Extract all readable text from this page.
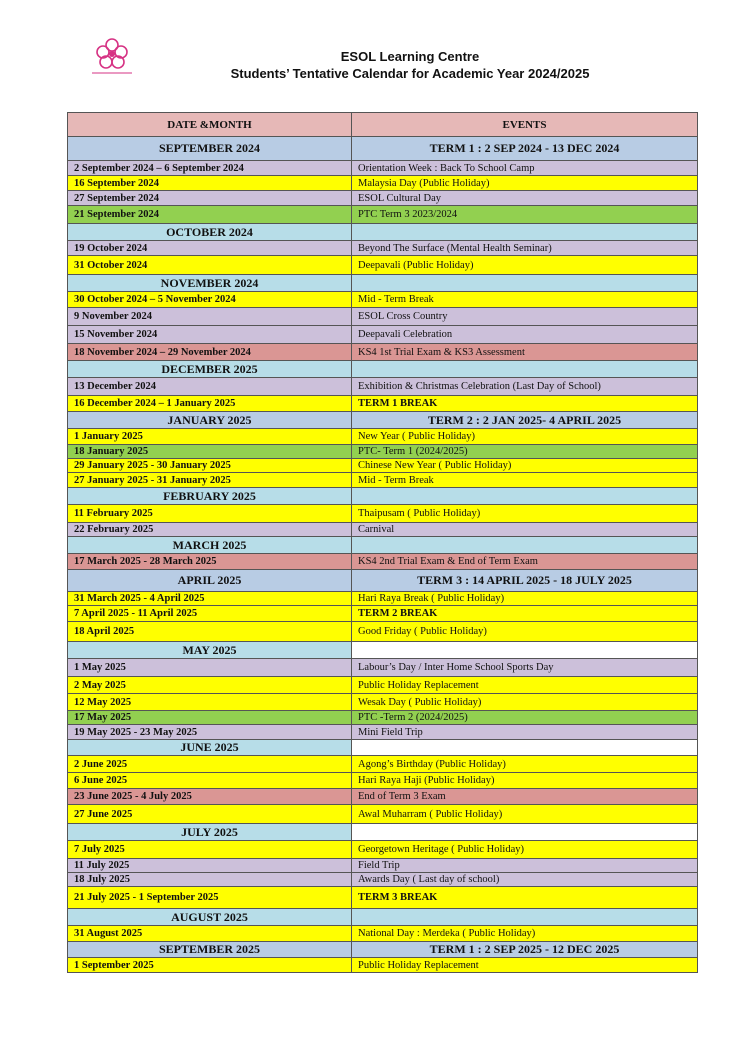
ESOL Learning Centre
Students’ Tentative Calendar for Academic Year 2024/2025
DATE &MONTH	EVENTS
SEPTEMBER 2024	TERM 1 : 2 SEP 2024 - 13 DEC 2024
2 September 2024 – 6 September 2024	Orientation Week : Back To School Camp
16 September 2024	Malaysia Day (Public Holiday)
27 September 2024	ESOL Cultural Day
21 September 2024	PTC Term 3 2023/2024
OCTOBER 2024	
19 October 2024	Beyond The Surface (Mental Health Seminar)
31 October 2024	Deepavali (Public Holiday)
NOVEMBER 2024	
30 October 2024 – 5 November 2024	Mid - Term Break
9 November 2024	ESOL Cross Country
15 November 2024	Deepavali Celebration
18 November 2024 – 29 November 2024	KS4 1st Trial Exam & KS3 Assessment
DECEMBER 2025	
13 December 2024	Exhibition & Christmas Celebration (Last Day of School)
16 December 2024 – 1 January 2025	TERM 1 BREAK
JANUARY 2025	TERM 2 : 2 JAN 2025- 4 APRIL 2025
1 January 2025	New Year ( Public Holiday)
18 January 2025	PTC- Term 1 (2024/2025)
29 January 2025 - 30 January 2025	Chinese New Year ( Public Holiday)
27 January 2025 - 31 January 2025	Mid - Term Break
FEBRUARY 2025	
11 February 2025	Thaipusam ( Public Holiday)
22 February 2025	Carnival
MARCH 2025	
17 March 2025 - 28 March 2025	KS4 2nd Trial Exam & End of Term Exam
APRIL 2025	TERM 3 : 14 APRIL 2025 - 18 JULY 2025
31 March 2025 - 4 April 2025	Hari Raya Break ( Public Holiday)
7 April 2025 - 11 April 2025	TERM 2 BREAK
18 April 2025	Good Friday ( Public Holiday)
MAY 2025	
1 May 2025	Labour’s Day / Inter Home School Sports Day
2 May 2025	Public Holiday Replacement
12 May 2025	Wesak Day ( Public Holiday)
17 May 2025	PTC -Term 2 (2024/2025)
19 May 2025 - 23 May 2025	Mini Field Trip
JUNE 2025	
2 June 2025	Agong’s Birthday (Public Holiday)
6 June 2025	Hari Raya Haji (Public Holiday)
23 June 2025 - 4 July 2025	End of Term 3 Exam
27 June 2025	Awal Muharram ( Public Holiday)
JULY 2025	
7 July 2025	Georgetown Heritage ( Public Holiday)
11 July 2025	Field Trip
18 July 2025	Awards Day ( Last day of school)
21 July 2025 - 1 September 2025	TERM 3 BREAK
AUGUST 2025	
31 August 2025	National Day : Merdeka ( Public Holiday)
SEPTEMBER 2025	TERM 1 : 2 SEP 2025 - 12 DEC 2025
1 September 2025	Public Holiday Replacement
